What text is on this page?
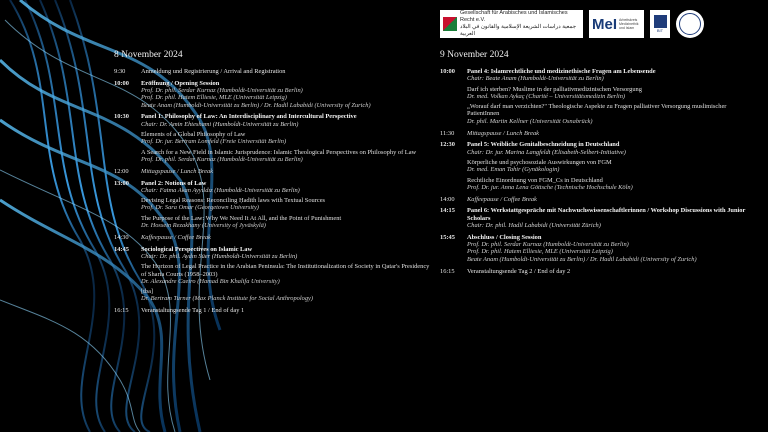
Gesellschaft für Arabisches und Islamisches Recht e.V.
جمعية دراسات الشريعة الإسلامية والقانون في البلاد العربية
MeI Arbeitskreis Medizinethik und Islam	BIT
8 November 2024	9 November 2024
9:30	Anmeldung und Registrierung / Arrival and Registration
10:00	Eröffnung / Opening Session
Prof. Dr. phil. Serdar Kurnaz (Humboldt-Universität zu Berlin)
Prof. Dr. phil. Hatem Elliesie, MLE (Universität Leipzig)
Beate Anam (Humboldt-Universität zu Berlin) / Dr. Hadil Lababidi (University of Zurich)
10:30	Panel 1: Philosophy of Law: An Interdisciplinary and Intercultural Perspective
Chair: Dr. Amin Ehteshami (Humboldt-Universität zu Berlin)
Elements of a Global Philosophy of Law
Prof. Dr. jur. Bertram Lomfeld (Freie Universität Berlin)
A Search for a New Field in Islamic Jurisprudence: Islamic Theological Perspectives on Philosophy of Law
Prof. Dr. phil. Serdar Kurnaz (Humboldt-Universität zu Berlin)
12:00	Mittagspause / Lunch Break
13:00	Panel 2: Notions of Law
Chair: Fatma Akan Ayyıldız (Humboldt-Universität zu Berlin)
Devising Legal Reasons: Reconciling Ḥadīth laws with Textual Sources
Prof. Dr. Sara Omar (Georgetown University)
The Purpose of the Law: Why We Need It At All, and the Point of Punishment
Dr. Hossein Rezakhany (University of Jyväskylä)
14:30	Kaffeepause / Coffee Break
14:45	Sociological Perspectives on Islamic Law
Chair: Dr. phil. Aydın Süer (Humboldt-Universität zu Berlin)
The Horizon of Legal Practice in the Arabian Peninsula: The Institutionalization of Society in Qatar's Presidency of Sharia Courts (1958–2003)
Dr. Alexandre Caeiro (Hamad Bin Khalifa University)
[tba]
Dr. Bertram Turner (Max Planck Institute for Social Anthropology)
16:15	Veranstaltungsende Tag 1 / End of day 1
10:00	Panel 4: Islamrechtliche und medizinethische Fragen am Lebensende
Chair: Beate Anam (Humboldt-Universität zu Berlin)
Darf ich sterben? Muslime in der palliativmedizinischen Versorgung
Dr. med. Volkan Aykaç (Charité – Universitätsmedizin Berlin)
„Worauf darf man verzichten?" Theologische Aspekte zu Fragen palliativer Versorgung muslimischer PatientInnen
Dr. phil. Martin Kellner (Universität Osnabrück)
11:30	Mittagspause / Lunch Break
12:30	Panel 5: Weibliche Genitalbeschneidung in Deutschland
Chair: Dr. jur. Marina Langfeldt (Elisabeth-Selbert-Initiative)
Körperliche und psychosoziale Auswirkungen von FGM
Dr. med. Eman Tahir (Gynäkologin)
Rechtliche Einordnung von FGM_Cs in Deutschland
Prof. Dr. jur. Anna Lena Göttsche (Technische Hochschule Köln)
14:00	Kaffeepause / Coffee Break
14:15	Panel 6: Werkstattgespräche mit Nachwuchswissenschaftlerinnen / Workshop Discussions with Junior Scholars
Chair: Dr. phil. Hadil Lababidi (Universität Zürich)
15:45	Abschluss / Closing Session
Prof. Dr. phil. Serdar Kurnaz (Humboldt-Universität zu Berlin)
Prof. Dr. phil. Hatem Elliesie, MLE (Universität Leipzig)
Beate Anam (Humboldt-Universität zu Berlin) / Dr. Hadil Lababidi (University of Zurich)
16:15	Veranstaltungsende Tag 2 / End of day 2
